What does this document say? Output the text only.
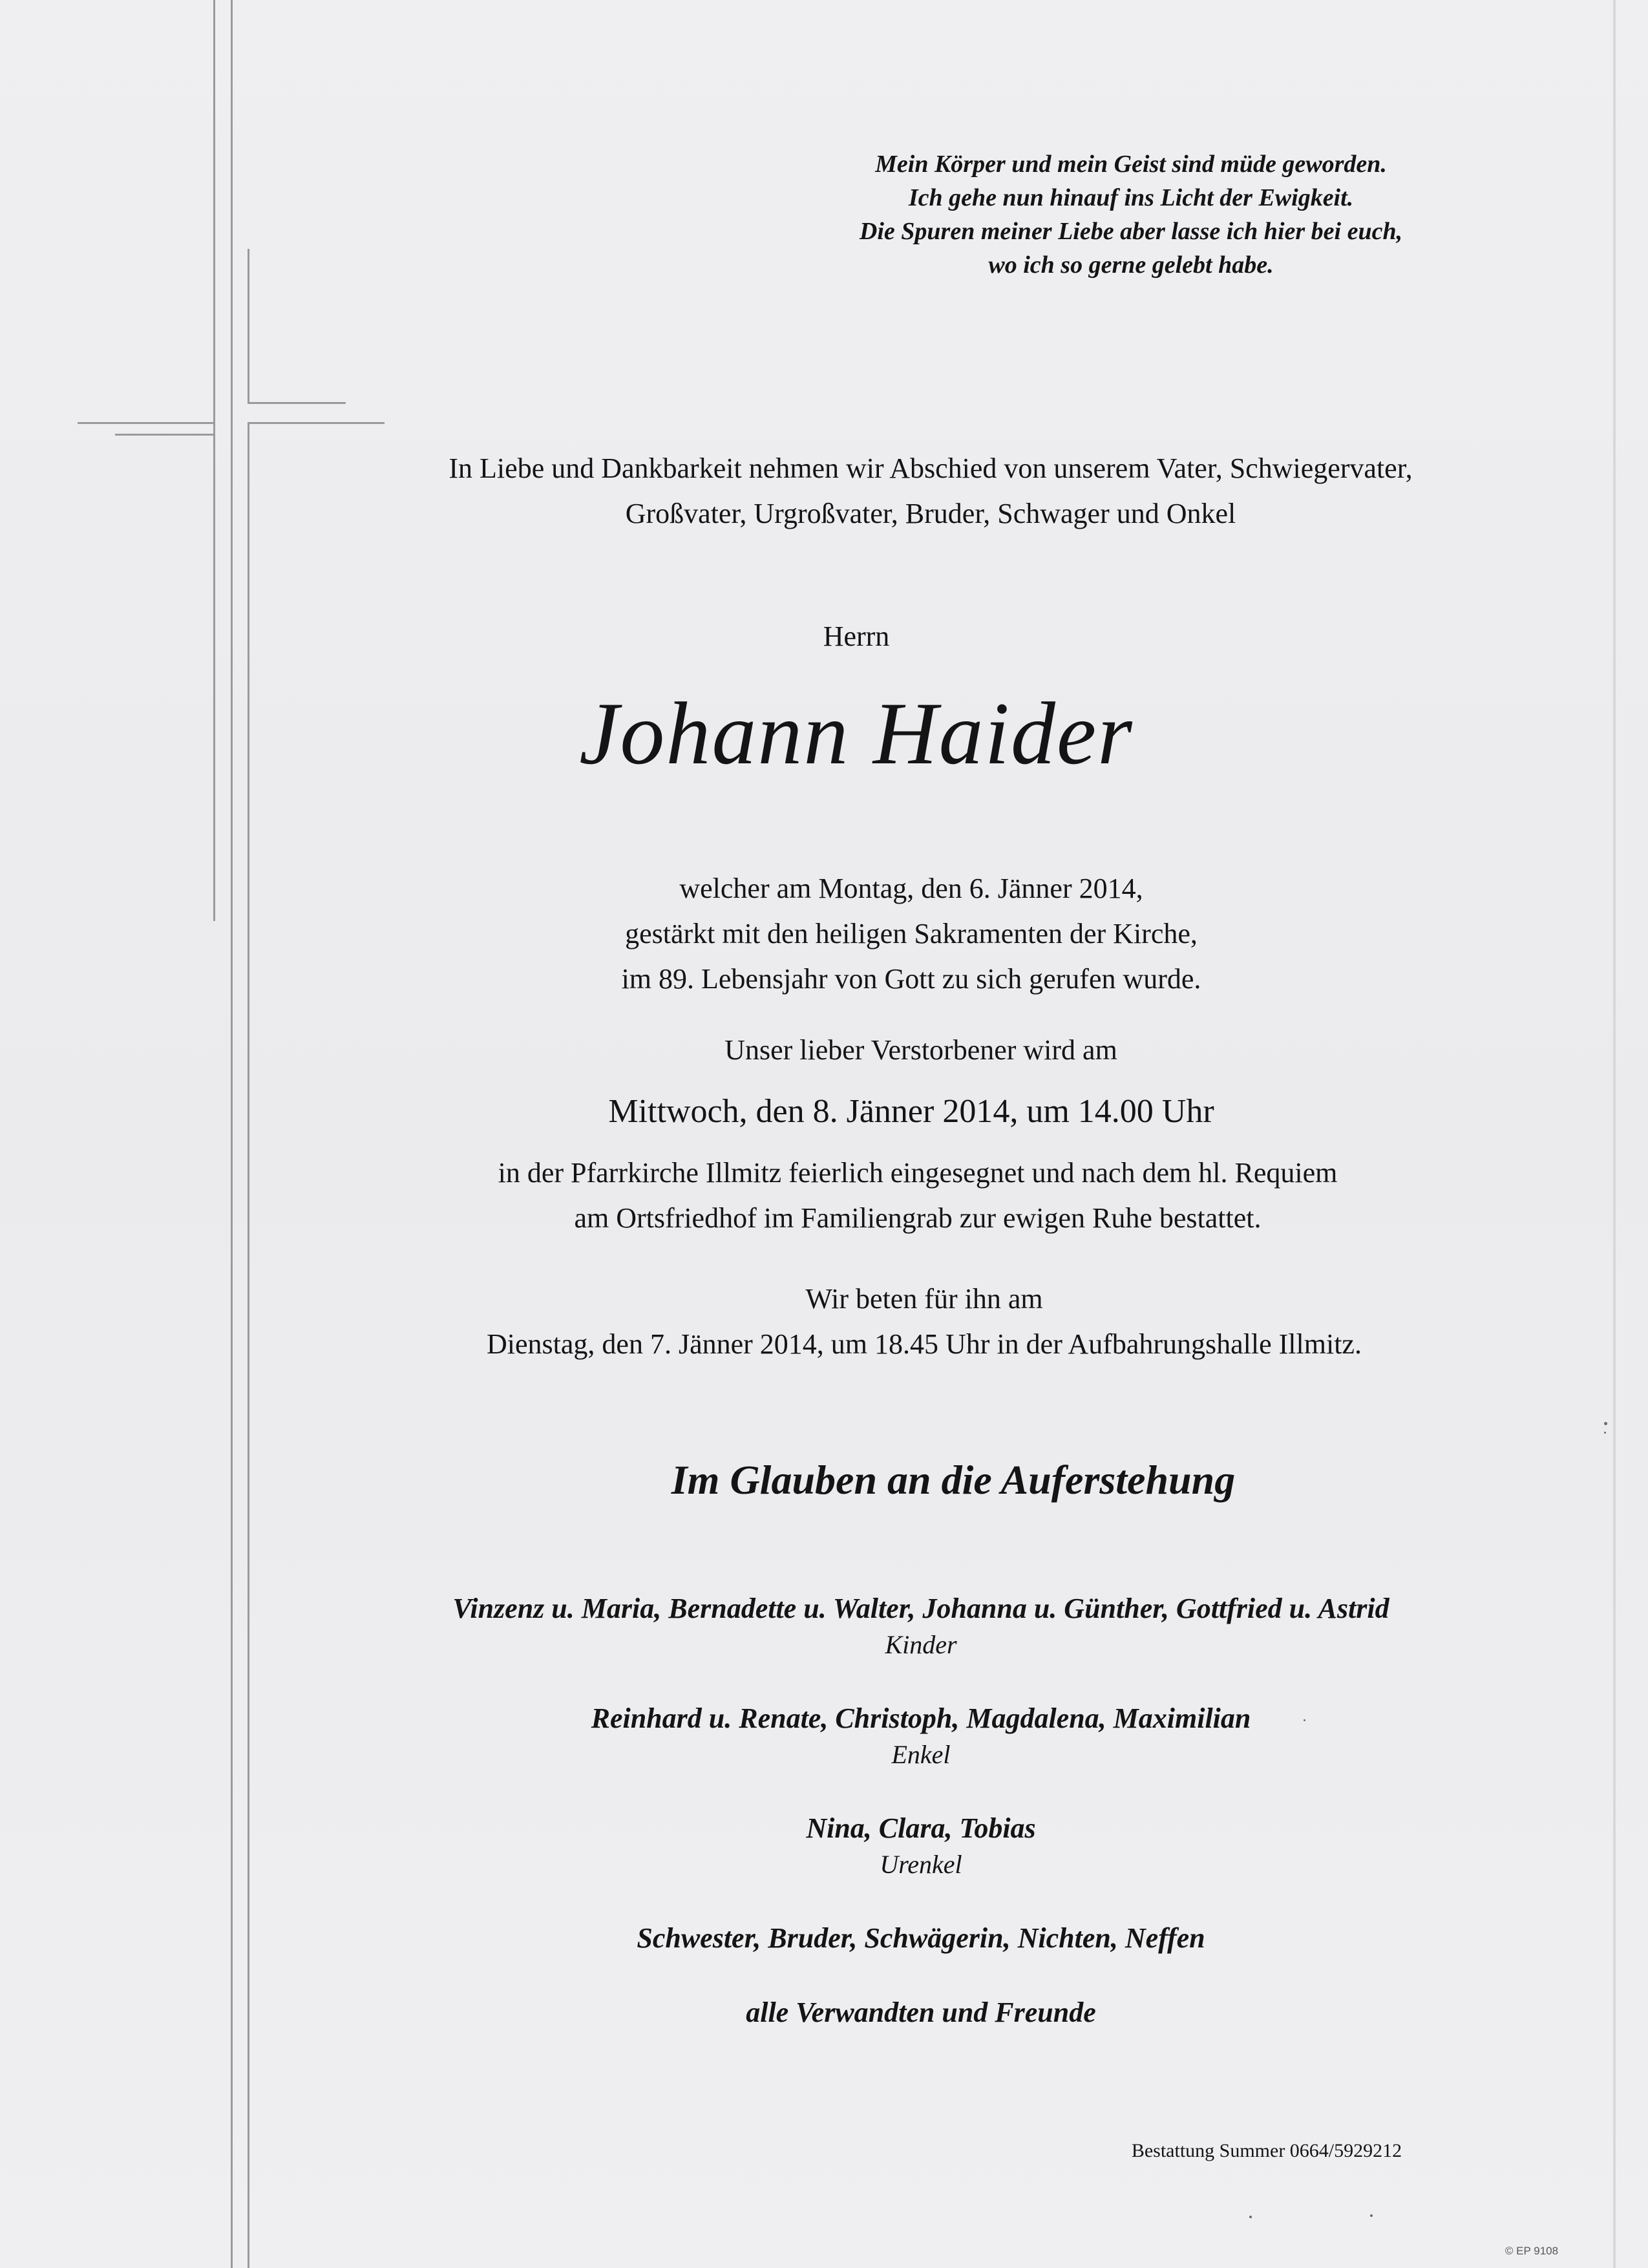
Mein Körper und mein Geist sind müde geworden.
Ich gehe nun hinauf ins Licht der Ewigkeit.
Die Spuren meiner Liebe aber lasse ich hier bei euch,
wo ich so gerne gelebt habe.
In Liebe und Dankbarkeit nehmen wir Abschied von unserem Vater, Schwiegervater,
Großvater, Urgroßvater, Bruder, Schwager und Onkel
Herrn
Johann Haider
welcher am Montag, den 6. Jänner 2014,
gestärkt mit den heiligen Sakramenten der Kirche,
im 89. Lebensjahr von Gott zu sich gerufen wurde.
Unser lieber Verstorbener wird am
Mittwoch, den 8. Jänner 2014, um 14.00 Uhr
in der Pfarrkirche Illmitz feierlich eingesegnet und nach dem hl. Requiem
am Ortsfriedhof im Familiengrab zur ewigen Ruhe bestattet.
Wir beten für ihn am
Dienstag, den 7. Jänner 2014, um 18.45 Uhr in der Aufbahrungshalle Illmitz.
Im Glauben an die Auferstehung
Vinzenz u. Maria, Bernadette u. Walter, Johanna u. Günther, Gottfried u. Astrid
Kinder
Reinhard u. Renate, Christoph, Magdalena, Maximilian
Enkel
Nina, Clara, Tobias
Urenkel
Schwester, Bruder, Schwägerin, Nichten, Neffen
alle Verwandten und Freunde
Bestattung Summer 0664/5929212
© EP 9108
